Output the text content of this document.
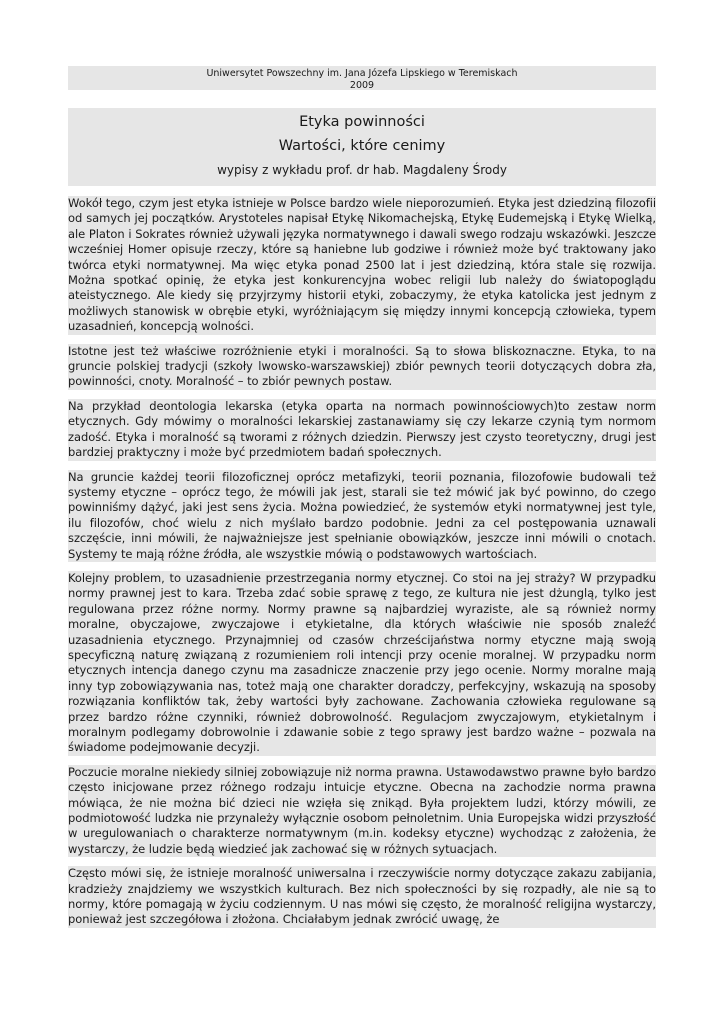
Uniwersytet Powszechny im. Jana Józefa Lipskiego w Teremiskach
2009
Etyka powinności
Wartości, które cenimy
wypisy z wykładu prof. dr hab. Magdaleny Środy
Wokół tego, czym jest etyka istnieje w Polsce bardzo wiele nieporozumień. Etyka jest dziedziną filozofii od samych jej początków. Arystoteles napisał Etykę Nikomachejską, Etykę Eudemejską i Etykę Wielką, ale Platon i Sokrates również używali języka normatywnego i dawali swego rodzaju wskazówki. Jeszcze wcześniej Homer opisuje rzeczy, które są haniebne lub godziwe i również może być traktowany jako twórca etyki normatywnej. Ma więc etyka ponad 2500 lat i jest dziedziną, która stale się rozwija. Można spotkać opinię, że etyka jest konkurencyjna wobec religii lub należy do światopoglądu ateistycznego. Ale kiedy się przyjrzymy historii etyki, zobaczymy, że etyka katolicka jest jednym z możliwych stanowisk w obrębie etyki, wyróżniającym się między innymi koncepcją człowieka, typem uzasadnień, koncepcją wolności.
Istotne jest też właściwe rozróżnienie etyki i moralności. Są to słowa bliskoznaczne. Etyka, to na gruncie polskiej tradycji (szkoły lwowsko-warszawskiej) zbiór pewnych teorii dotyczących dobra zła, powinności, cnoty. Moralność – to zbiór pewnych postaw.
Na przykład deontologia lekarska (etyka oparta na normach powinnościowych)to zestaw norm etycznych. Gdy mówimy o moralności lekarskiej zastanawiamy się czy lekarze czynią tym normom zadość. Etyka i moralność są tworami z różnych dziedzin. Pierwszy jest czysto teoretyczny, drugi jest bardziej praktyczny i może być przedmiotem badań społecznych.
Na gruncie każdej teorii filozoficznej oprócz metafizyki, teorii poznania, filozofowie budowali też systemy etyczne – oprócz tego, że mówili jak jest, starali sie też mówić jak być powinno, do czego powinniśmy dążyć, jaki jest sens życia. Można powiedzieć, że systemów etyki normatywnej jest tyle, ilu filozofów, choć wielu z nich myślało bardzo podobnie. Jedni za cel postępowania uznawali szczęście, inni mówili, że najważniejsze jest spełnianie obowiązków, jeszcze inni mówili o cnotach. Systemy te mają różne źródła, ale wszystkie mówią o podstawowych wartościach.
Kolejny problem, to uzasadnienie przestrzegania normy etycznej. Co stoi na jej straży? W przypadku normy prawnej jest to kara. Trzeba zdać sobie sprawę z tego, ze kultura nie jest dżunglą, tylko jest regulowana przez różne normy. Normy prawne są najbardziej wyraziste, ale są również normy moralne, obyczajowe, zwyczajowe i etykietalne, dla których właściwie nie sposób znaleźć uzasadnienia etycznego. Przynajmniej od czasów chrześcijaństwa normy etyczne mają swoją specyficzną naturę związaną z rozumieniem roli intencji przy ocenie moralnej. W przypadku norm etycznych intencja danego czynu ma zasadnicze znaczenie przy jego ocenie. Normy moralne mają inny typ zobowiązywania nas, toteż mają one charakter doradczy, perfekcyjny, wskazują na sposoby rozwiązania konfliktów tak, żeby wartości były zachowane. Zachowania człowieka regulowane są przez bardzo różne czynniki, również dobrowolność. Regulacjom zwyczajowym, etykietalnym i moralnym podlegamy dobrowolnie i zdawanie sobie z tego sprawy jest bardzo ważne – pozwala na świadome podejmowanie decyzji.
Poczucie moralne niekiedy silniej zobowiązuje niż norma prawna. Ustawodawstwo prawne było bardzo często inicjowane przez różnego rodzaju intuicje etyczne. Obecna na zachodzie norma prawna mówiąca, że nie można bić dzieci nie wzięła się znikąd. Była projektem ludzi, którzy mówili, ze podmiotowość ludzka nie przynależy wyłącznie osobom pełnoletnim. Unia Europejska widzi przyszłość w uregulowaniach o charakterze normatywnym (m.in. kodeksy etyczne) wychodząc z założenia, że wystarczy, że ludzie będą wiedzieć jak zachować się w różnych sytuacjach.
Często mówi się, że istnieje moralność uniwersalna i rzeczywiście normy dotyczące zakazu zabijania, kradzieży znajdziemy we wszystkich kulturach. Bez nich społeczności by się rozpadły, ale nie są to normy, które pomagają w życiu codziennym. U nas mówi się często, że moralność religijna wystarczy, ponieważ jest szczegółowa i złożona. Chciałabym jednak zwrócić uwagę, że
